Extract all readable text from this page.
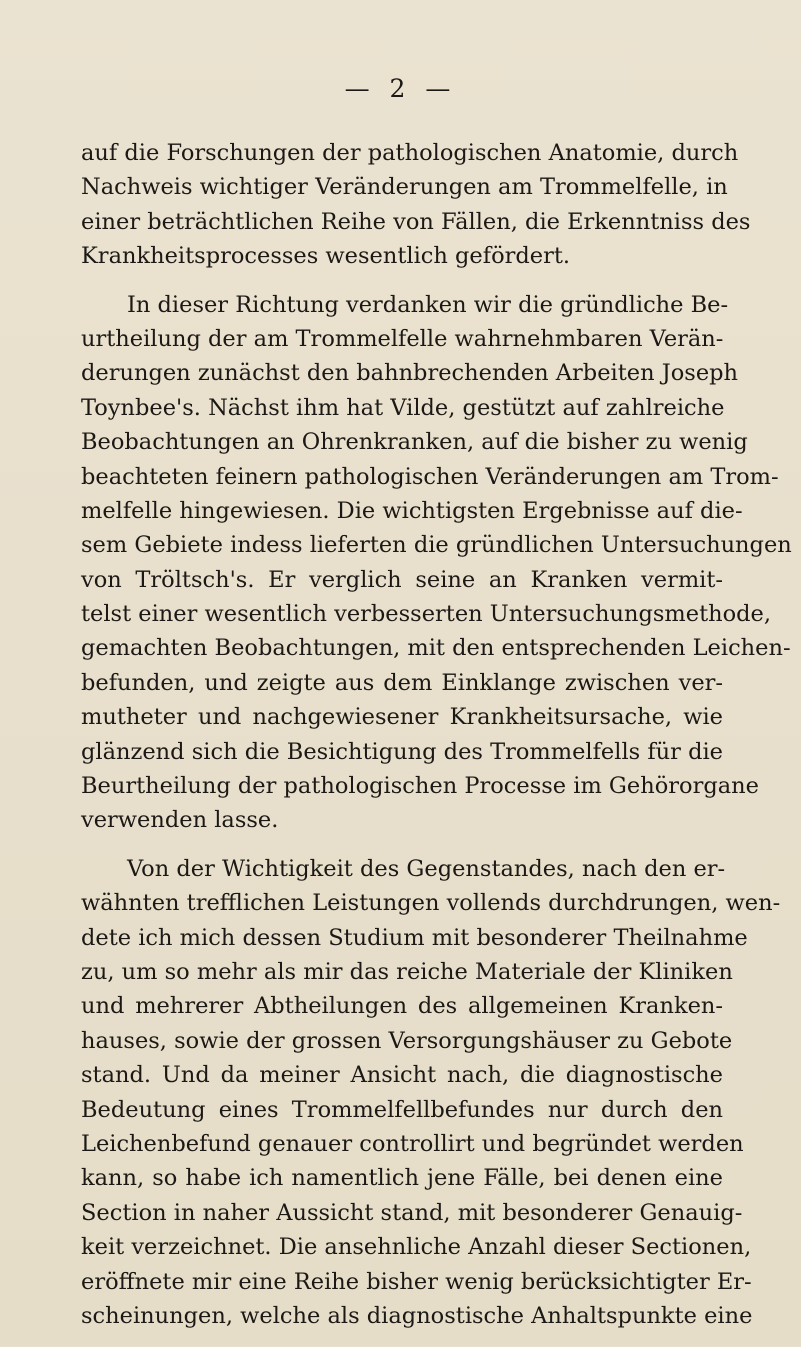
— 2 —
auf die Forschungen der pathologischen Anatomie, durch
Nachweis wichtiger Veränderungen am Trommelfelle, in
einer beträchtlichen Reihe von Fällen, die Erkenntniss des
Krankheitsprocesses wesentlich gefördert.
In dieser Richtung verdanken wir die gründliche Be-
urtheilung der am Trommelfelle wahrnehmbaren Verän-
derungen zunächst den bahnbrechenden Arbeiten Joseph
Toynbee's. Nächst ihm hat Vilde, gestützt auf zahlreiche
Beobachtungen an Ohrenkranken, auf die bisher zu wenig
beachteten feinern pathologischen Veränderungen am Trom-
melfelle hingewiesen. Die wichtigsten Ergebnisse auf die-
sem Gebiete indess lieferten die gründlichen Untersuchungen
von Tröltsch's. Er verglich seine an Kranken vermit-
telst einer wesentlich verbesserten Untersuchungsmethode,
gemachten Beobachtungen, mit den entsprechenden Leichen-
befunden, und zeigte aus dem Einklange zwischen ver-
mutheter und nachgewiesener Krankheitsursache, wie
glänzend sich die Besichtigung des Trommelfells für die
Beurtheilung der pathologischen Processe im Gehörorgane
verwenden lasse.
Von der Wichtigkeit des Gegenstandes, nach den er-
wähnten trefflichen Leistungen vollends durchdrungen, wen-
dete ich mich dessen Studium mit besonderer Theilnahme
zu, um so mehr als mir das reiche Materiale der Kliniken
und mehrerer Abtheilungen des allgemeinen Kranken-
hauses, sowie der grossen Versorgungshäuser zu Gebote
stand. Und da meiner Ansicht nach, die diagnostische
Bedeutung eines Trommelfellbefundes nur durch den
Leichenbefund genauer controllirt und begründet werden
kann, so habe ich namentlich jene Fälle, bei denen eine
Section in naher Aussicht stand, mit besonderer Genauig-
keit verzeichnet. Die ansehnliche Anzahl dieser Sectionen,
eröffnete mir eine Reihe bisher wenig berücksichtigter Er-
scheinungen, welche als diagnostische Anhaltspunkte eine
